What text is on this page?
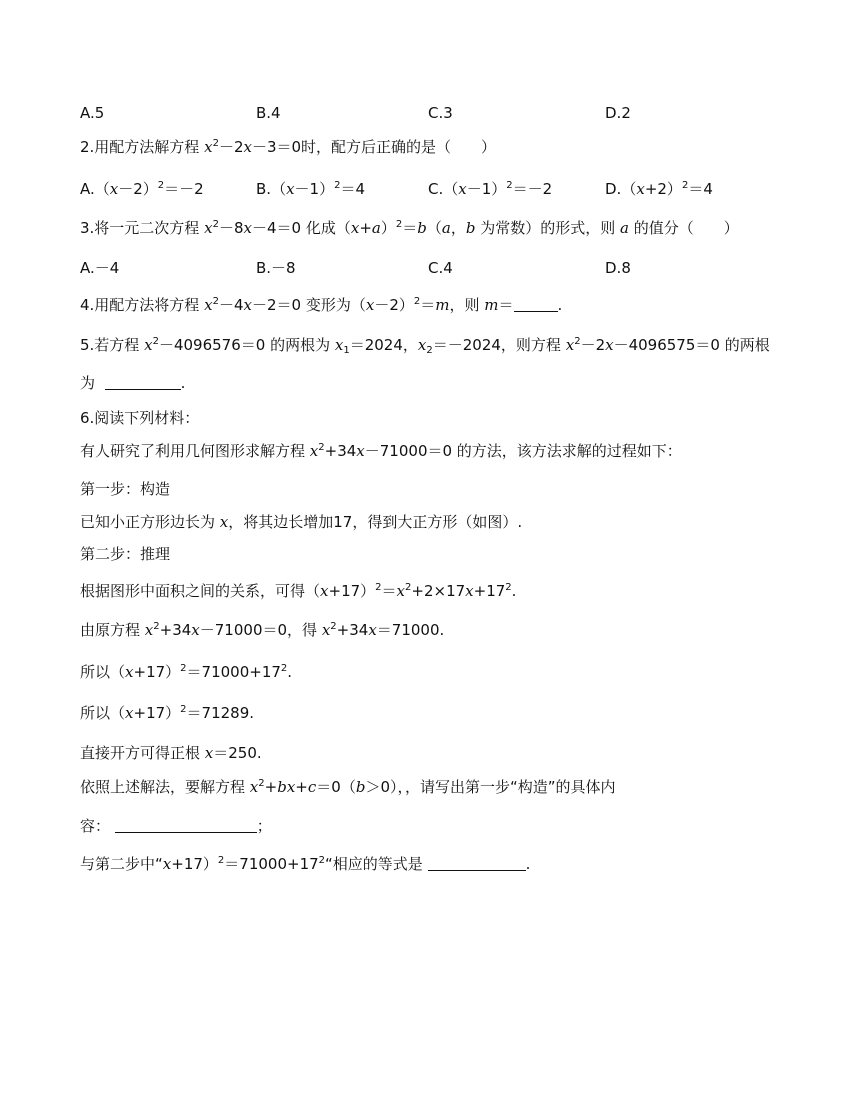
A.5	B.4	C.3	D.2
2.用配方法解方程 $x^2-2x-3=0$时，配方后正确的是（　　）
$A.(x-2)^2=-2$	$B.(x-1)^2=4$	$C.(x-1)^2=-2$	$D.(x+2)^2=4$
3.将一元二次方程 $x^2-8x-4=0$ 化成$(x+a)^2=b(a$，b 为常数）的形式，则 a 的值分（　　）
A.－4	B.－8	C.4	D.8
4.用配方法将方程 $x^2-4x-2=0$ 变形为$(x-2)^2=m$，则 m＝	.
5.若方程 $x^2-4096576=0$ 的两根为 $x_1=2024$，$x_2=-2024$，则方程 $x^2-2x-4096575=0$ 的两根
为	.
6.阅读下列材料：
有人研究了利用几何图形求解方程 $x^2+34x-71000=0$ 的方法，该方法求解的过程如下：
第一步：构造
已知小正方形边长为 x，将其边长增加17，得到大正方形（如图）.
第二步：推理
根据图形中面积之间的关系，可得$(x+17)^2=x^2+2\times 17x+17^2$.
由原方程 $x^2+34x-71000=0$，得 $x^2+34x=71000$.
所以$(x+17)^2=71000+17^2$.
所以$(x+17)^2=71289$.
直接开方可得正根 x＝250.
依照上述解法，要解方程 $x^2+bx+c=0(b>0)$，，请写出第一步“构造”的具体内
容：	；
与第二步中“$x+17)^2=71000+17^2“$相应的等式是	.
